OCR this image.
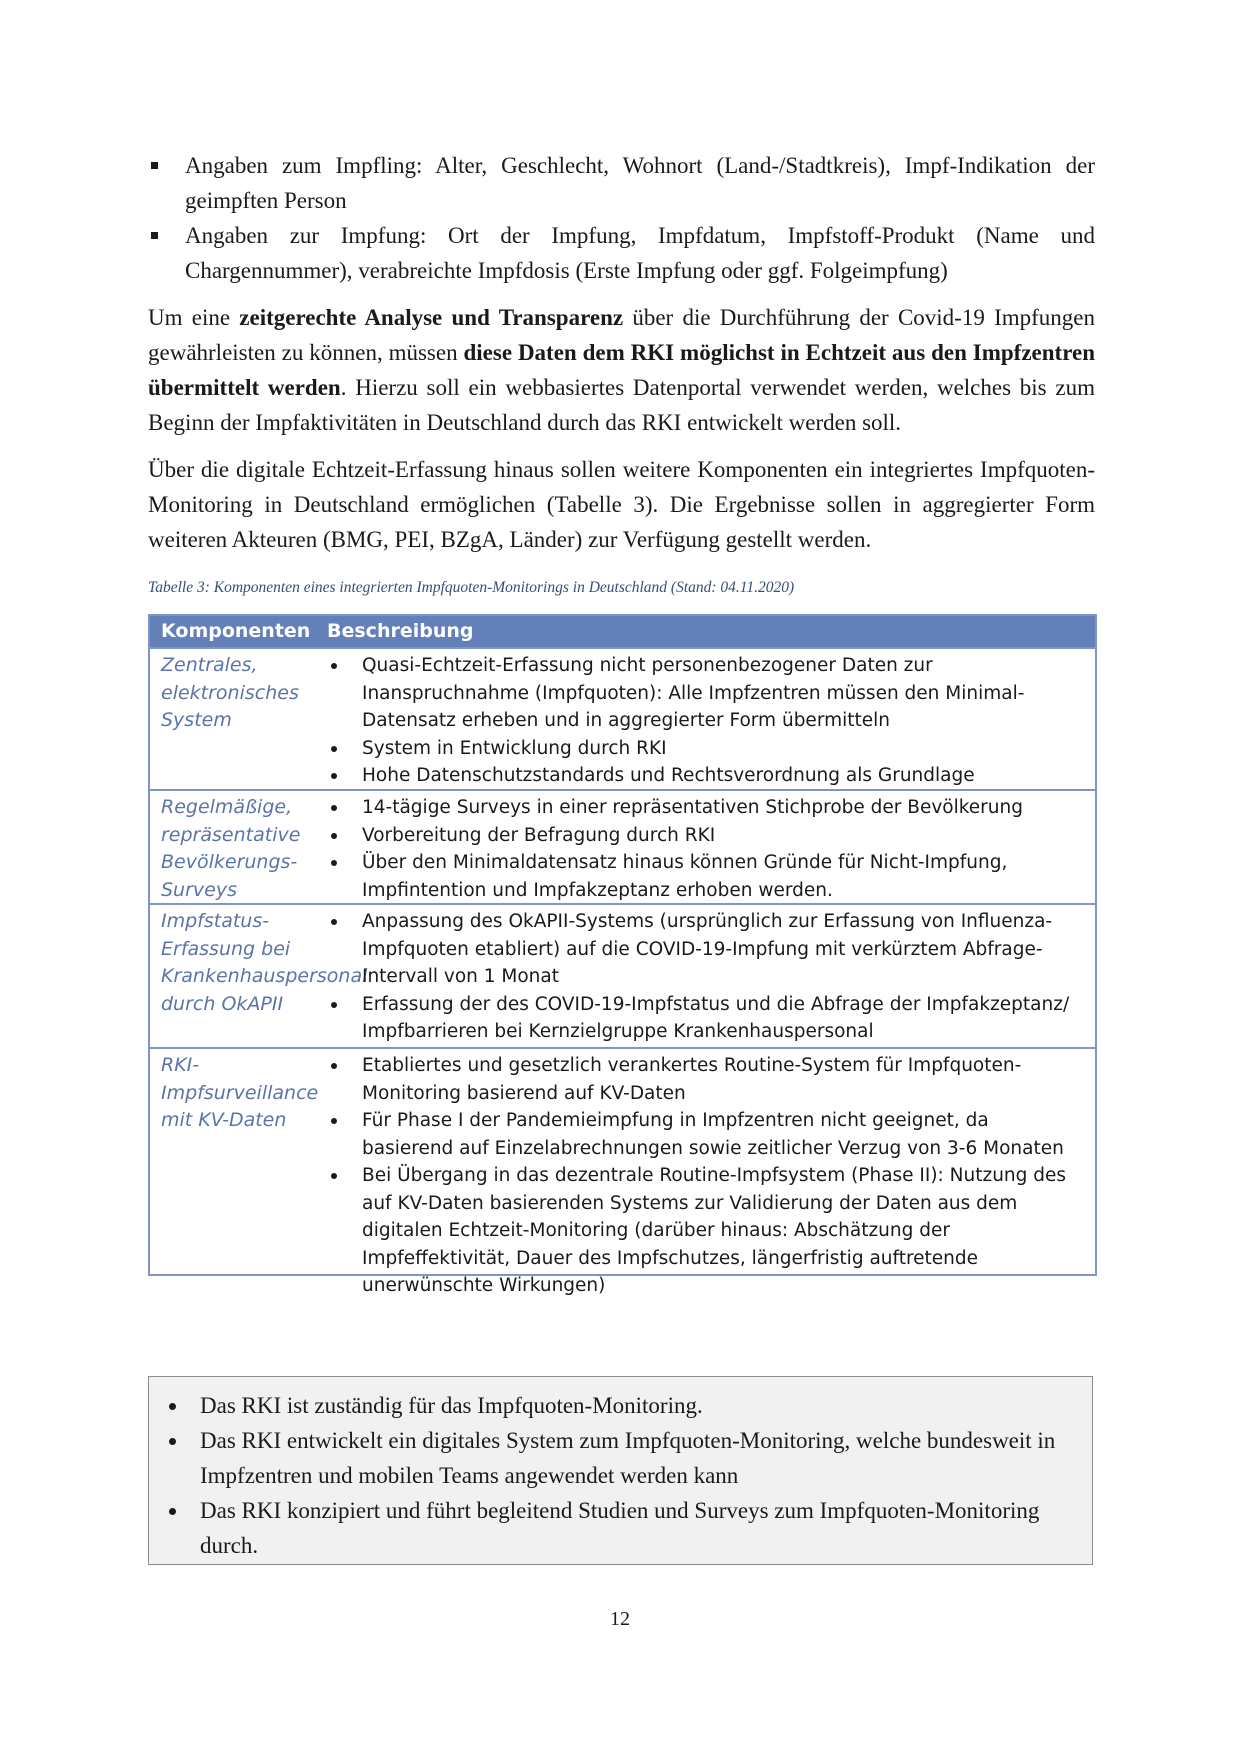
Angaben zum Impfling: Alter, Geschlecht, Wohnort (Land-/Stadtkreis), Impf-Indikation der geimpften Person
Angaben zur Impfung: Ort der Impfung, Impfdatum, Impfstoff-Produkt (Name und Chargennummer), verabreichte Impfdosis (Erste Impfung oder ggf. Folgeimpfung)

Um eine zeitgerechte Analyse und Transparenz über die Durchführung der Covid-19 Impfungen gewährleisten zu können, müssen diese Daten dem RKI möglichst in Echtzeit aus den Impfzentren übermittelt werden. Hierzu soll ein webbasiertes Datenportal verwendet werden, welches bis zum Beginn der Impfaktivitäten in Deutschland durch das RKI entwickelt werden soll.

Über die digitale Echtzeit-Erfassung hinaus sollen weitere Komponenten ein integriertes Impfquoten-Monitoring in Deutschland ermöglichen (Tabelle 3). Die Ergebnisse sollen in aggregierter Form weiteren Akteuren (BMG, PEI, BZgA, Länder) zur Verfügung gestellt werden.

Tabelle 3: Komponenten eines integrierten Impfquoten-Monitorings in Deutschland (Stand: 04.11.2020)
Komponenten Beschreibung
Zentrales, elektronisches System
Quasi-Echtzeit-Erfassung nicht personenbezogener Daten zur Inanspruchnahme (Impfquoten): Alle Impfzentren müssen den Minimal-Datensatz erheben und in aggregierter Form übermitteln
System in Entwicklung durch RKI
Hohe Datenschutzstandards und Rechtsverordnung als Grundlage
Regelmäßige, repräsentative Bevölkerungs-Surveys
14-tägige Surveys in einer repräsentativen Stichprobe der Bevölkerung
Vorbereitung der Befragung durch RKI
Über den Minimaldatensatz hinaus können Gründe für Nicht-Impfung, Impfintention und Impfakzeptanz erhoben werden.
Impfstatus-Erfassung bei Krankenhauspersonal durch OkAPII
Anpassung des OkAPII-Systems (ursprünglich zur Erfassung von Influenza-Impfquoten etabliert) auf die COVID-19-Impfung mit verkürztem Abfrage-Intervall von 1 Monat
Erfassung der des COVID-19-Impfstatus und die Abfrage der Impfakzeptanz/ Impfbarrieren bei Kernzielgruppe Krankenhauspersonal
RKI-Impfsurveillance mit KV-Daten
Etabliertes und gesetzlich verankertes Routine-System für Impfquoten-Monitoring basierend auf KV-Daten
Für Phase I der Pandemieimpfung in Impfzentren nicht geeignet, da basierend auf Einzelabrechnungen sowie zeitlicher Verzug von 3-6 Monaten
Bei Übergang in das dezentrale Routine-Impfsystem (Phase II): Nutzung des auf KV-Daten basierenden Systems zur Validierung der Daten aus dem digitalen Echtzeit-Monitoring (darüber hinaus: Abschätzung der Impfeffektivität, Dauer des Impfschutzes, längerfristig auftretende unerwünschte Wirkungen)
Das RKI ist zuständig für das Impfquoten-Monitoring.
Das RKI entwickelt ein digitales System zum Impfquoten-Monitoring, welche bundesweit in Impfzentren und mobilen Teams angewendet werden kann
Das RKI konzipiert und führt begleitend Studien und Surveys zum Impfquoten-Monitoring durch.
12
